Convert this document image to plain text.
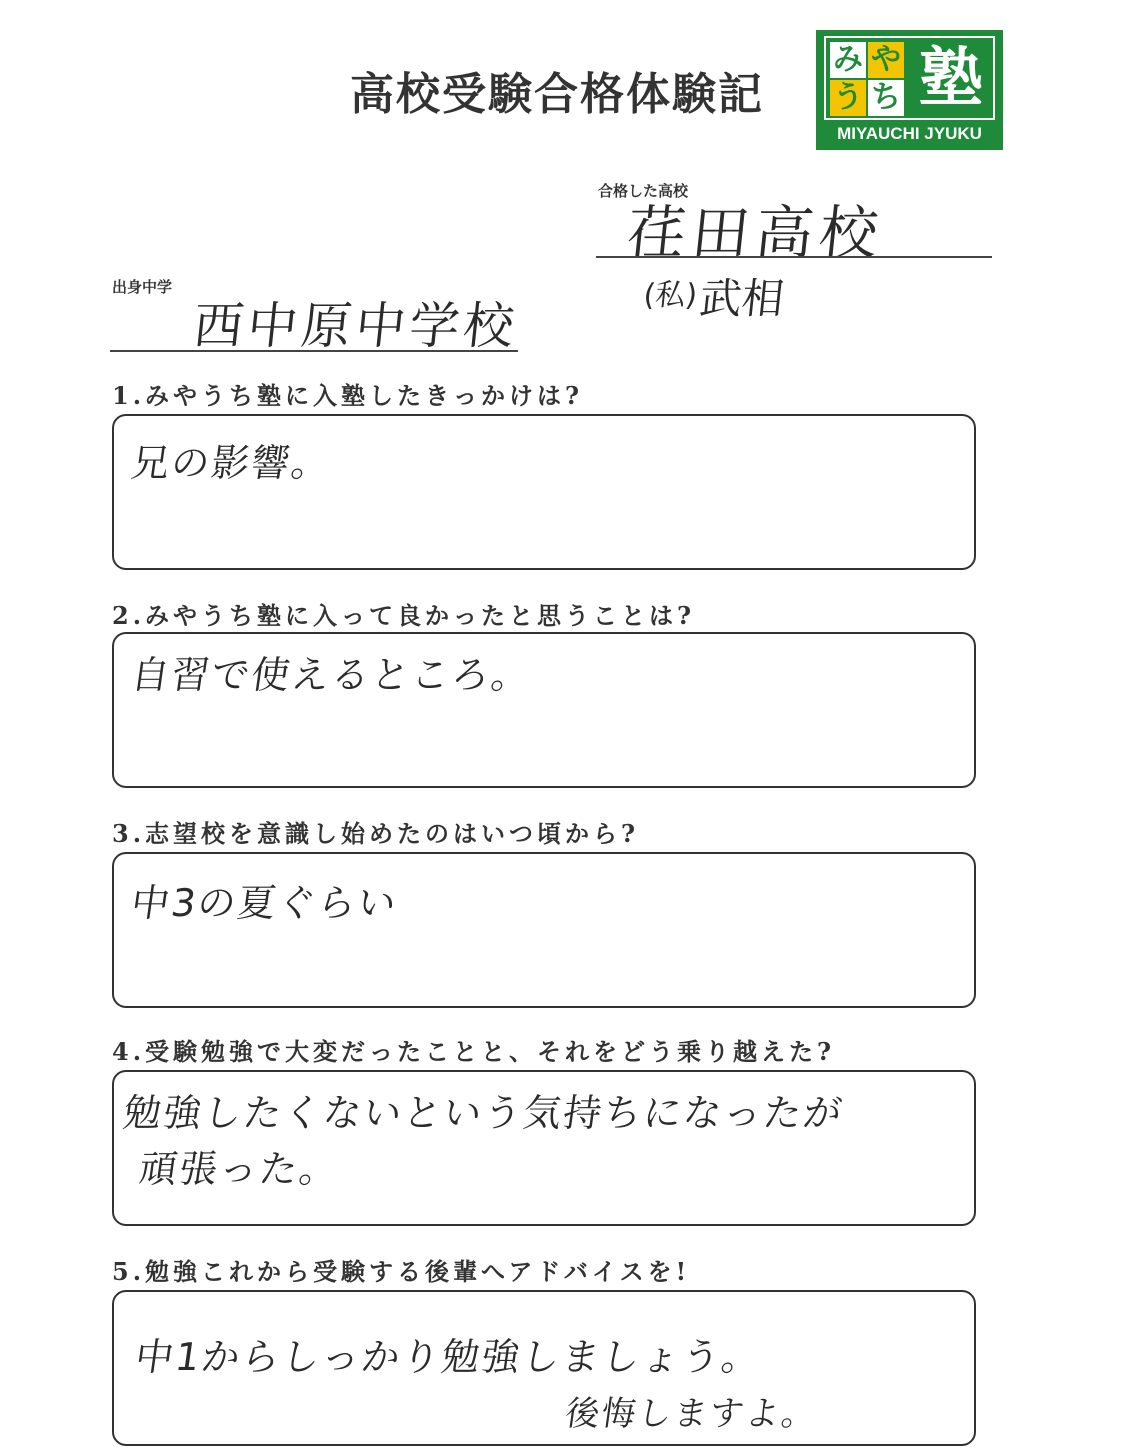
高校受験合格体験記
み や
う ち 塾
MIYAUCHI JYUKU
合格した高校
荏田高校
(私)
武相
出身中学
西中原中学校
1.みやうち塾に入塾したきっかけは?
兄の影響。
2.みやうち塾に入って良かったと思うことは?
自習で使えるところ。
3.志望校を意識し始めたのはいつ頃から?
中3の夏ぐらい
4.受験勉強で大変だったことと、それをどう乗り越えた?
勉強したくないという気持ちになったが
頑張った。
5.勉強これから受験する後輩へアドバイスを!
中1からしっかり勉強しましょう。
後悔しますよ。
